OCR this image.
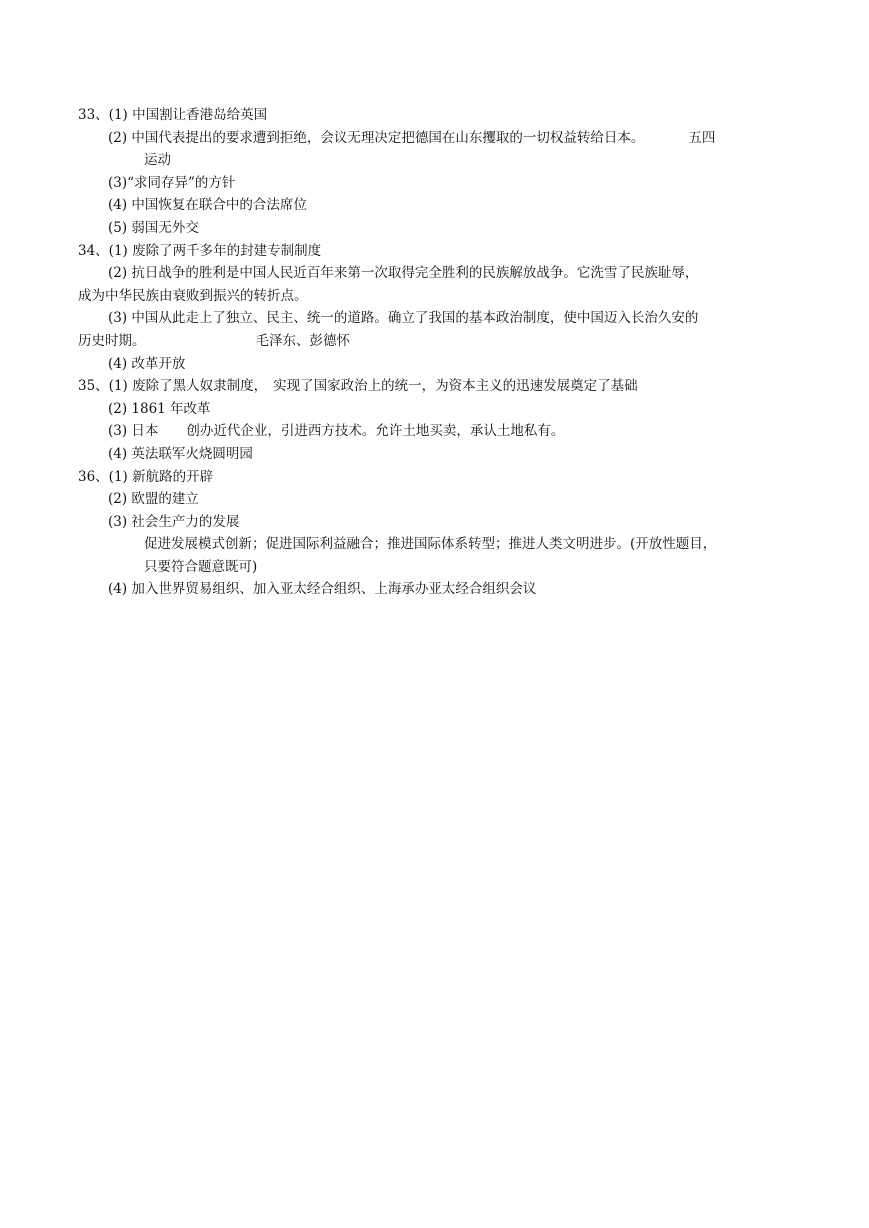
33、(1) 中国割让香港岛给英国
(2) 中国代表提出的要求遭到拒绝，会议无理决定把德国在山东攫取的一切权益转给日本。	五四
运动
(3)“求同存异”的方针
(4) 中国恢复在联合中的合法席位
(5) 弱国无外交
34、(1) 废除了两千多年的封建专制制度
(2) 抗日战争的胜利是中国人民近百年来第一次取得完全胜利的民族解放战争。它洗雪了民族耻辱，
成为中华民族由衰败到振兴的转折点。
(3) 中国从此走上了独立、民主、统一的道路。确立了我国的基本政治制度，使中国迈入长治久安的
历史时期。	毛泽东、彭德怀
(4) 改革开放
35、(1) 废除了黑人奴隶制度， 实现了国家政治上的统一，为资本主义的迅速发展奠定了基础
(2) 1861 年改革
(3) 日本 创办近代企业，引进西方技术。允许土地买卖，承认土地私有。
(4) 英法联军火烧圆明园
36、(1) 新航路的开辟
(2) 欧盟的建立
(3) 社会生产力的发展
促进发展模式创新；促进国际利益融合；推进国际体系转型；推进人类文明进步。(开放性题目，
只要符合题意既可)
(4) 加入世界贸易组织、加入亚太经合组织、上海承办亚太经合组织会议
